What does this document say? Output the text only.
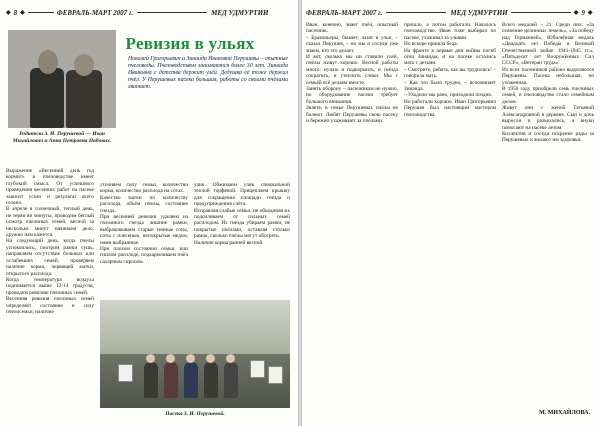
◆ 8 ◆	ФЕВРАЛЬ-МАРТ 2007 г.	МЕД УДМУРТИИ
Ревизия в ульях
Родители З. И. Перушевой — Иван Михайлович и Анна Петровна Набоких.
Николай Григорьевич и Зинаида Ивановна Перушевы – опытные пчеловоды. Пчеловодством занимаются более 30 лет. Зинаида Ивановна с детства держит улей. Дедушка её тоже держал пчёл. У Перушевых пасека большая, работы со своими пчёлами хватает.
Выражение «Весенний день год кормит» в пчеловодстве имеет глубокий смысл. От успешного проведения весенних работ на пасеке зависит успех и результат всего сезона.
В апреле в солнечный, теплый день, не теряя ни минуты, проводим беглый осмотр пчелиных семей, весной за несколько минут начинаем дело, дружно нам кажется.
На следующий день, когда пчелы успокоились, смотрим рамки сушь, направляем отсутствие больных или ослабевших семей, проверяем наличие корма, червящей матки, открытого расплода.
Когда температура воздуха поднимается выше 12-14 градусов, проводим ревизию пчелиных семей.
Весенняя ревизия пчелиных семей определяет состояние и силу пчелосемьи, наличие
уточняем силу семьи, количество корма, количество расплода на сотах.
Качество матки по количеству расплода, объём пчелы, состояние гнезда.
При весенней ревизии удаляем из пчелиного гнезда лишние рамки, выбраковываем старые темные соты, соты с плесенью, непокрытые медом, нами выбранные.
При плохом состоянии семьи, или гнилом расплоде, подкармливаем пчёл сахарным сиропом.
улик. Обжимаем улик специальной теплой торфяной. Прицепляем крышку для сокращения площади гнезда и предупреждения слёта.
Исправляя слабые семьи, не объединяя их подсиливаем от сильных семей расплодом. Из гнезда убираем рамки, не покрытые пчёлами, оставляя столько рамок, сколько пчёлы могут обогреть.
Наличие корма ранней весной.
Пасека З. И. Перушевой.
ФЕВРАЛЬ-МАРТ 2007 г.	МЕД УДМУРТИИ	◆ 9 ◆
Иван, конечно, знает пчёл, опытный пасечник.
– Браконьеры, бывает, лазят в ульи, – сказал Перушев, – но мы и соседи уже знаем, кто это делает.
И вот, сколько мы ни ставили улей, пчёлы живут хорошо. Весной работы много: нужно и подкормить, и гнёзда сократить, и утеплить улики. Мы с семьёй всё делаем вместе.
Занять оборону – пасечникам не нужно, но оборудование пасеки требует большого внимания.
Знаете, в семье Перушевых пчёлы не болеют. Любят Перушевы свою пасеку и бережно ухаживают за пчёлами.
прошло, а потом работали. Началось пчеловодство. Иван тоже выбирал по пасеке, ухаживал за ульями.
Но вскоре пришла беда.
На фронте в первые дни войны погиб отец Зинаиды, и на пасеке остались мать с детьми.
– Смотрите, ребята, как вы трудились! – говорила мать.
– Как это было трудно, – вспоминает Зинаида.
– Уходили мы рано, приходили поздно.
Но работали хорошо. Иван Григорьевич Перушев был настоящим мастером пчеловодства.
Всего медалей – 21. Среди них: «За освоение целинных земель», «За победу над Германией», Юбилейная медаль «Двадцать лет Победы в Великой Отечественной войне 1941-1945 гг.», «Пятьдесят лет Вооружённых Сил СССР», «Ветеран труда».
Из всех пасечников района выделяются Перушевы. Пасека небольшая, но ухоженная.
В 1956 году приобрели семь пчелиных семей, и пчеловодство стало семейным делом.
Живут они с женой Татьяной Александровной в деревне. Сын и дочь выросли и разъехались, а внуки помогают на пасеке летом.
Коллектив и соседи искренне рады за Перушевых и желают им здоровья.
М. МИХАЙЛОВА.
